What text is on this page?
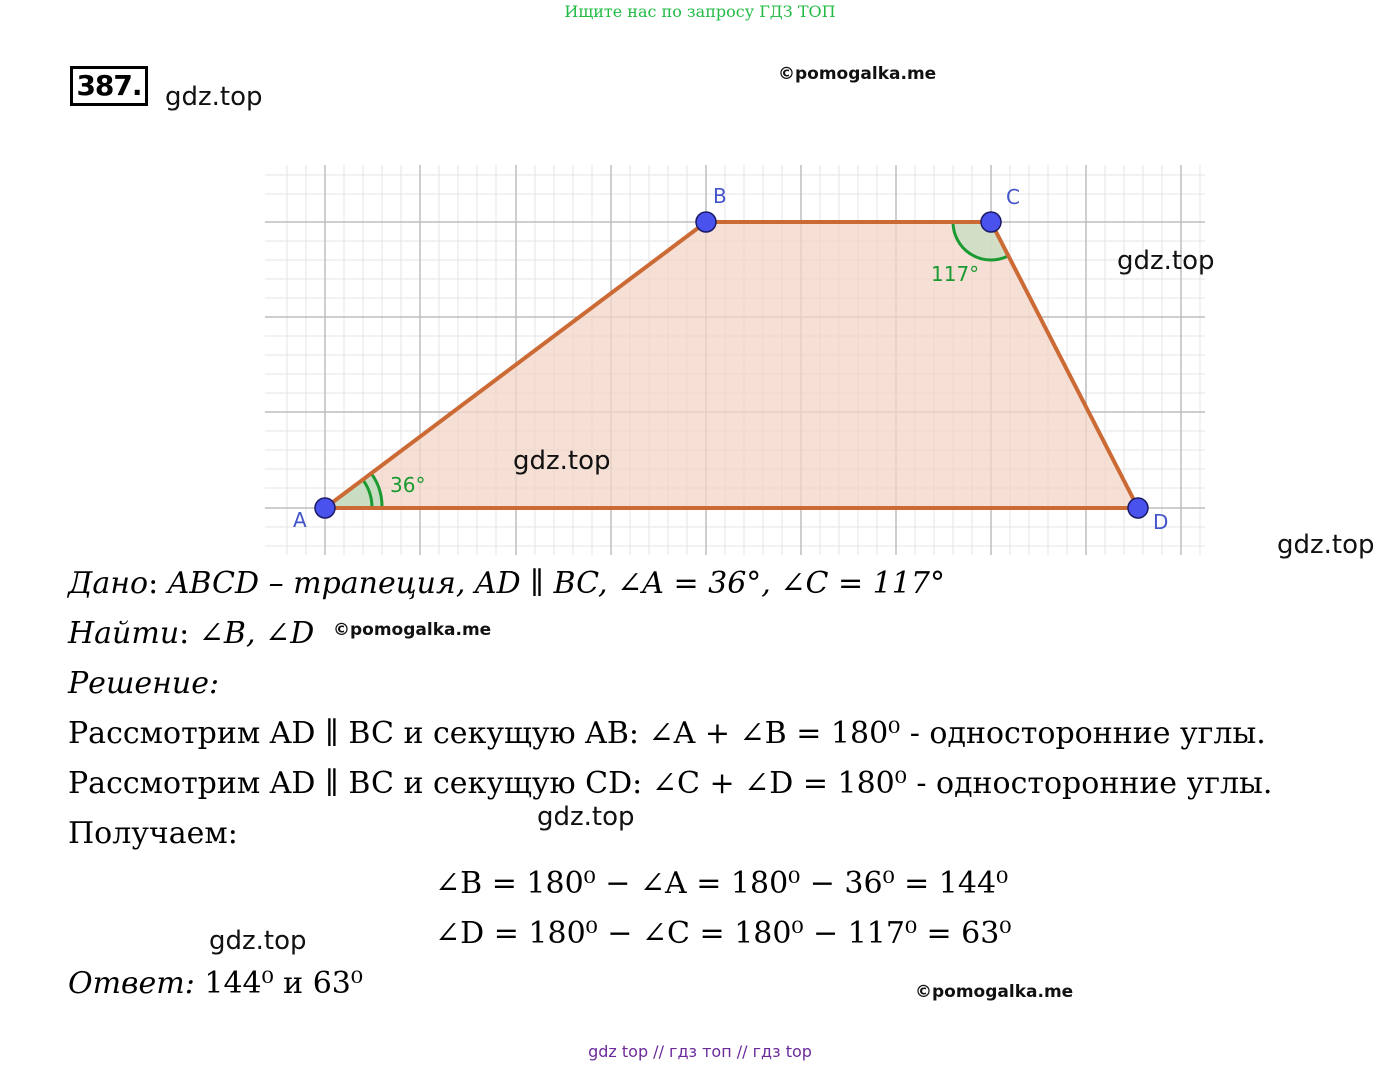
Ищите нас по запросу ГДЗ ТОП
387. gdz.top
©pomogalka.me
A
B	C
D
36°
117°	gdz.top
gdz.top
gdz.top
gdz.top
gdz.top
©pomogalka.me
©pomogalka.me
Дано: ABCD – трапеция, AD ∥ BC, ∠A = 36°, ∠C = 117°
Найти: ∠B, ∠D
Решение:
Рассмотрим AD ∥ BC и секущую AB: ∠A + ∠B = 180⁰ - односторонние углы.
Рассмотрим AD ∥ BC и секущую CD: ∠C + ∠D = 180⁰ - односторонние углы.
Получаем:
∠B = 180⁰ − ∠A = 180⁰ − 36⁰ = 144⁰
∠D = 180⁰ − ∠C = 180⁰ − 117⁰ = 63⁰
Ответ: 144⁰ и 63⁰
gdz top // гдз топ // гдз top
